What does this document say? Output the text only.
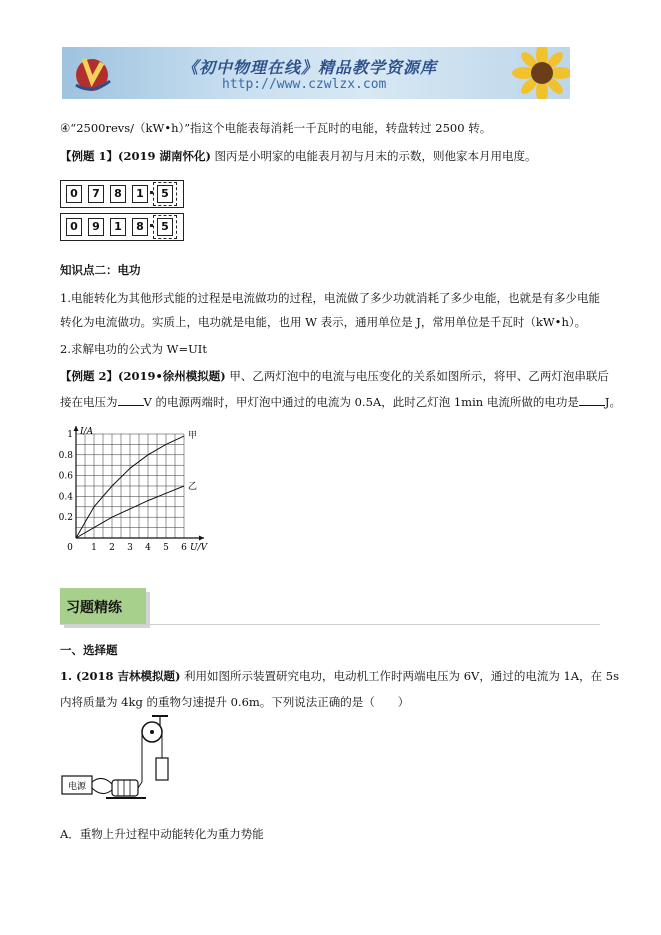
《初中物理在线》精品教学资源库
http://www.czwlzx.com
④“2500revs/（kW•h）”指这个电能表每消耗一千瓦时的电能，转盘转过 2500 转。
【例题 1】(2019 湖南怀化) 图丙是小明家的电能表月初与月末的示数，则他家本月用电度。
0	7	8	1	5
0	9	1	8	5
知识点二：电功
1.电能转化为其他形式能的过程是电流做功的过程，电流做了多少功就消耗了多少电能，也就是有多少电能
转化为电流做功。实质上，电功就是电能，也用 W 表示，通用单位是 J，常用单位是千瓦时（kW•h）。
2.求解电功的公式为 W=UIt
【例题 2】(2019•徐州模拟题) 甲、乙两灯泡中的电流与电压变化的关系如图所示，将甲、乙两灯泡串联后
接在电压为 V 的电源两端时，甲灯泡中通过的电流为 0.5A，此时乙灯泡 1min 电流所做的电功是 J。
0 1 2 3 4 5 6
0.2
0.4
0.6
0.8
1 I/A
U/V
甲
乙
习题精练
一、选择题
1. (2018 吉林模拟题) 利用如图所示装置研究电功，电动机工作时两端电压为 6V，通过的电流为 1A，在 5s
内将质量为 4kg 的重物匀速提升 0.6m。下列说法正确的是（　　）
电源
A．重物上升过程中动能转化为重力势能
